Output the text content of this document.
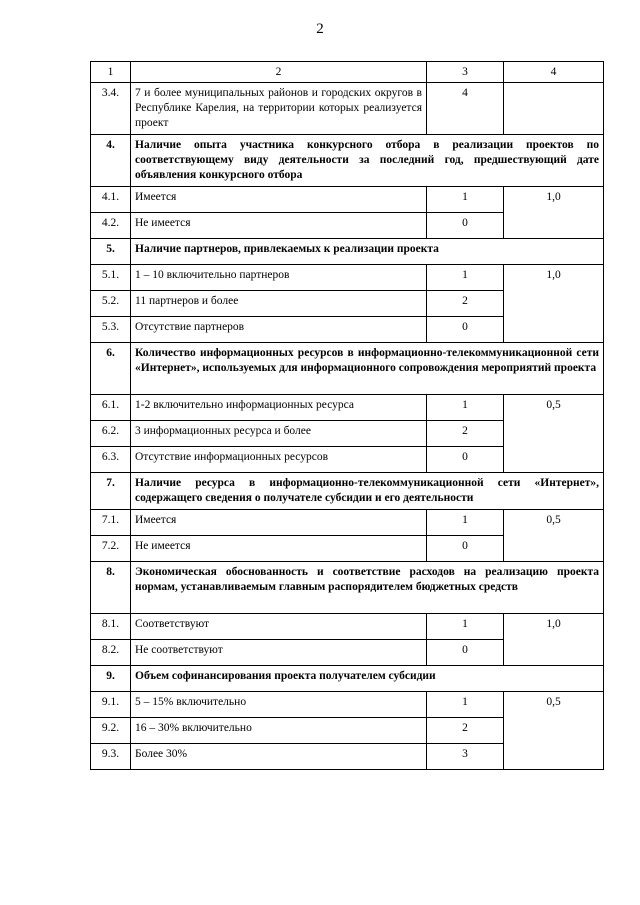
2
1	2	3	4
3.4.	7 и более муниципальных районов и городских округов в Республике Карелия, на территории которых реализуется проект	4	
4.	Наличие опыта участника конкурсного отбора в реализации проектов по соответствующему виду деятельности за последний год, предшествующий дате объявления конкурсного отбора		
4.1.	Имеется	1	1,0
4.2.	Не имеется	0	
5.	Наличие партнеров, привлекаемых к реализации проекта		
5.1.	1 – 10 включительно партнеров	1	1,0
5.2.	11 партнеров и более	2	
5.3.	Отсутствие партнеров	0	
6.	Количество информационных ресурсов в информационно-телекоммуникационной сети «Интернет», используемых для информационного сопровождения мероприятий проекта		
6.1.	1-2 включительно информационных ресурса	1	0,5
6.2.	3 информационных ресурса и более	2	
6.3.	Отсутствие информационных ресурсов	0	
7.	Наличие ресурса в информационно-телекоммуникационной сети «Интернет», содержащего сведения о получателе субсидии и его деятельности		
7.1.	Имеется	1	0,5
7.2.	Не имеется	0	
8.	Экономическая обоснованность и соответствие расходов на реализацию проекта нормам, устанавливаемым главным распорядителем бюджетных средств		
8.1.	Соответствуют	1	1,0
8.2.	Не соответствуют	0	
9.	Объем софинансирования проекта получателем субсидии		
9.1.	5 – 15% включительно	1	0,5
9.2.	16 – 30% включительно	2	
9.3.	Более 30%	3	
